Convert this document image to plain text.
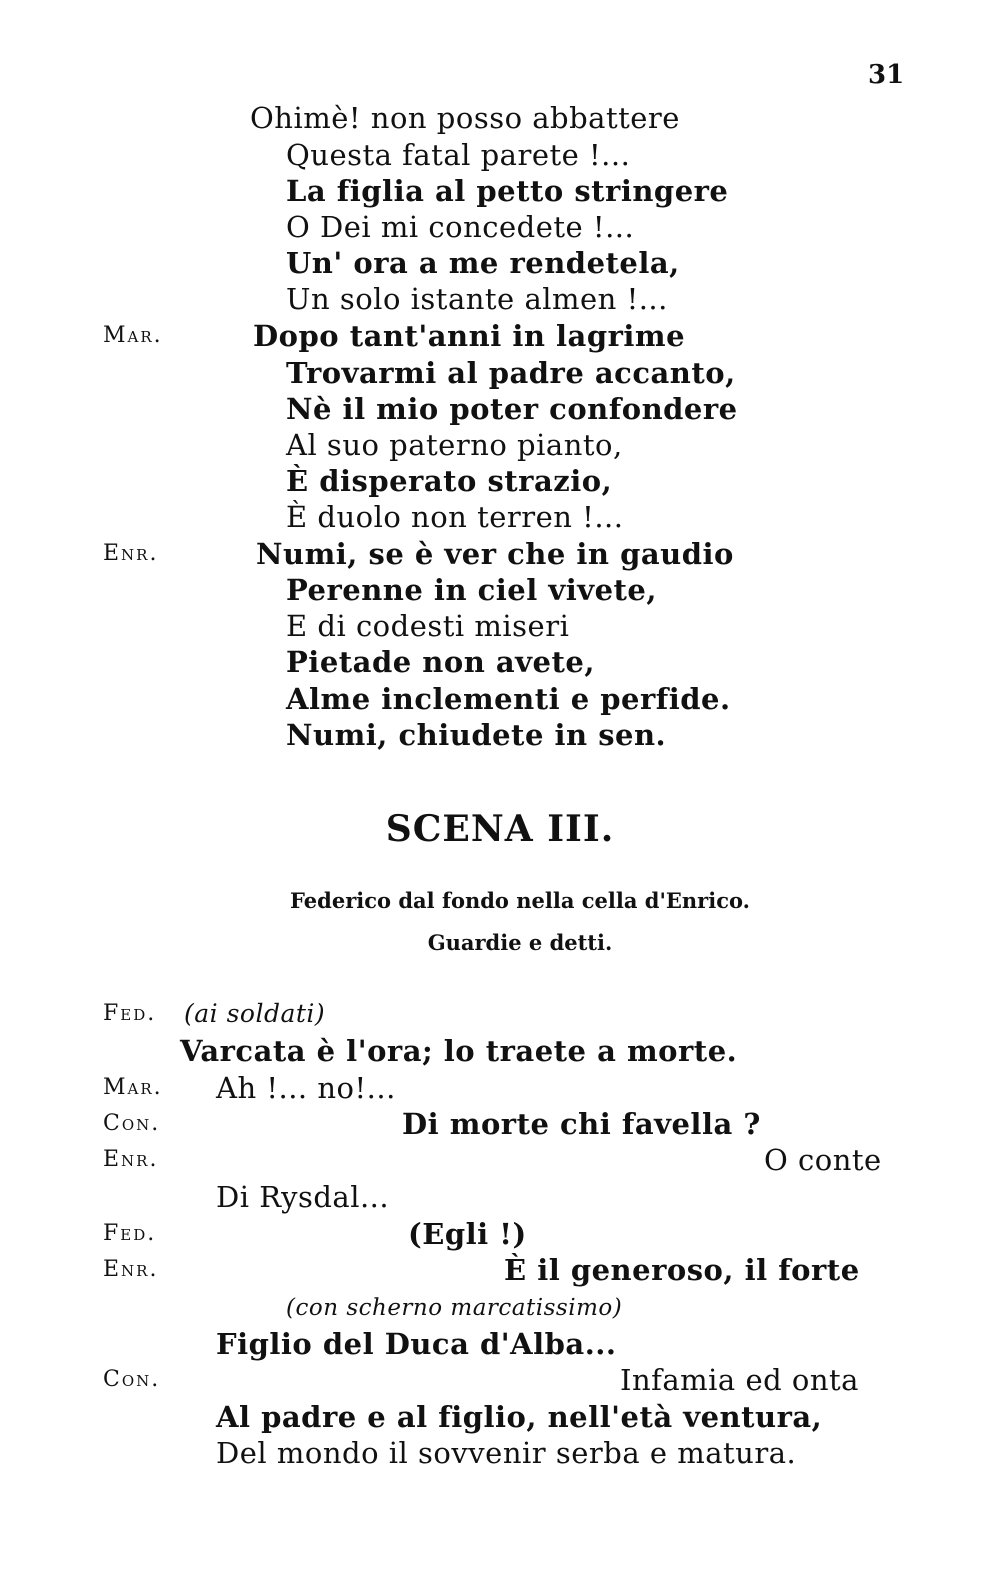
31
Ohimè! non posso abbattere
Questa fatal parete !...
La figlia al petto stringere
O Dei mi concedete !...
Un' ora a me rendetela,
Un solo istante almen !...
Mar.	Dopo tant'anni in lagrime
Trovarmi al padre accanto,
Nè il mio poter confondere
Al suo paterno pianto,
È disperato strazio,
È duolo non terren !...
Enr.	Numi, se è ver che in gaudio
Perenne in ciel vivete,
E di codesti miseri
Pietade non avete,
Alme inclementi e perfide.
Numi, chiudete in sen.
SCENA III.
Federico dal fondo nella cella d'Enrico.
Guardie e detti.
Fed. (ai soldati)
Varcata è l'ora; lo traete a morte.
Mar. Ah !... no!...
Con.	Di morte chi favella ?
Enr.	O conte
Di Rysdal...
Fed.	(Egli !)
Enr.	È il generoso, il forte
(con scherno marcatissimo)
Figlio del Duca d'Alba...
Con.	Infamia ed onta
Al padre e al figlio, nell'età ventura,
Del mondo il sovvenir serba e matura.
